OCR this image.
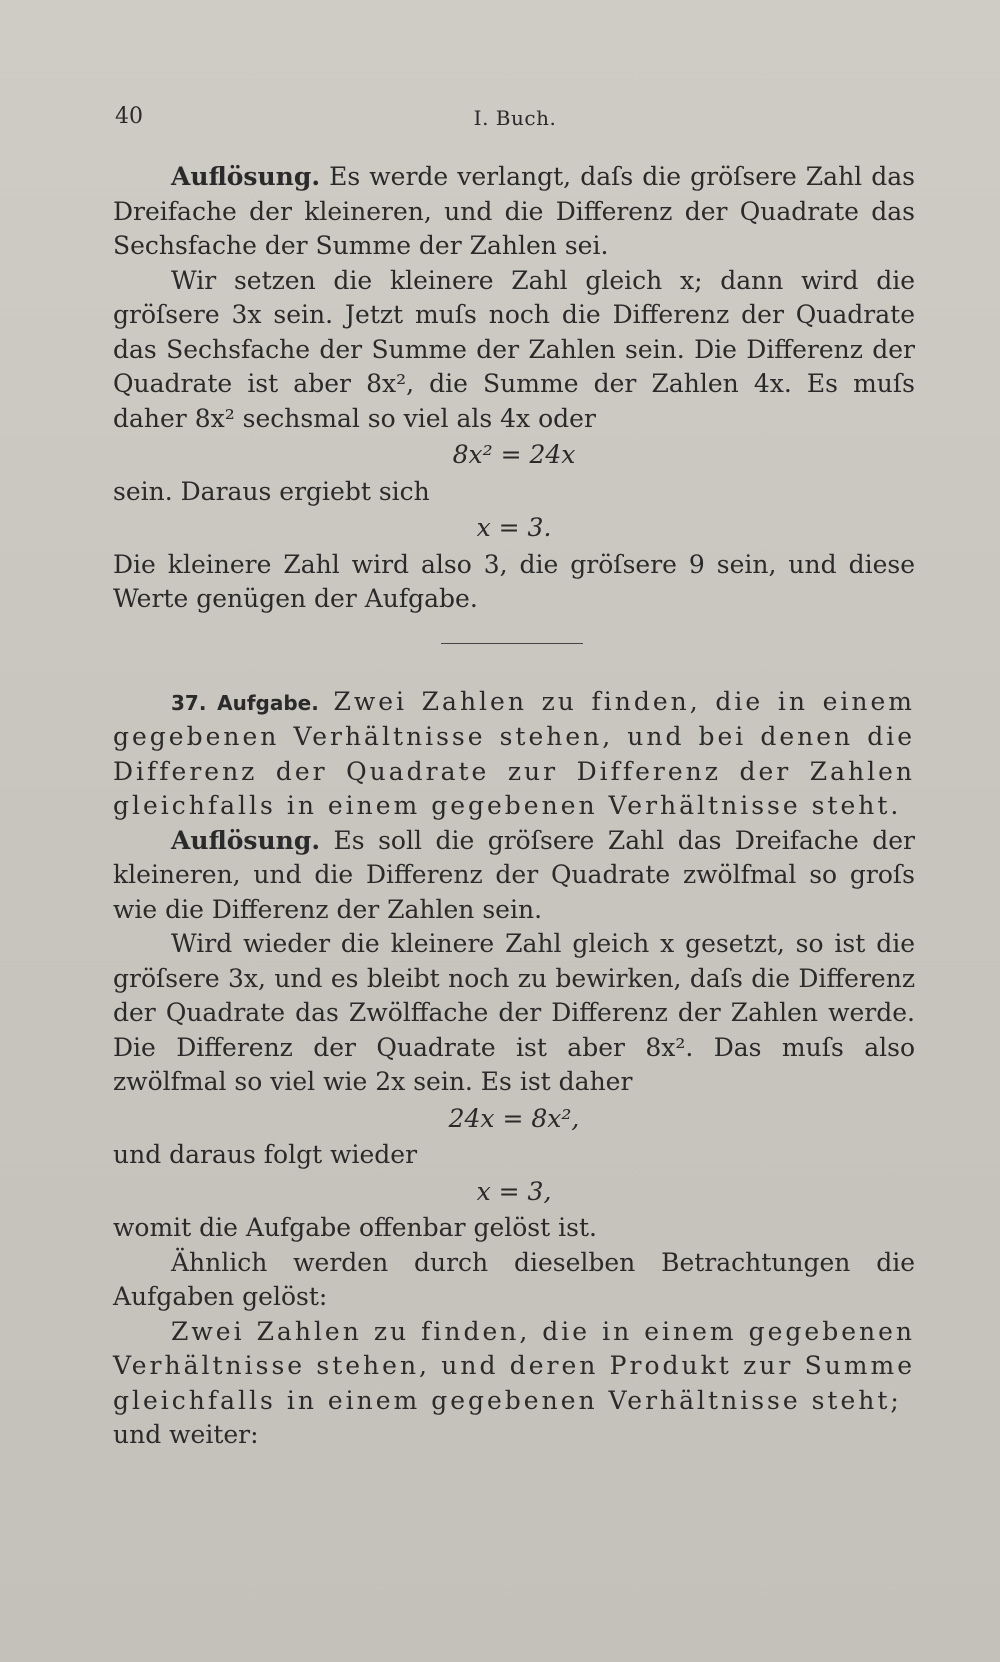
40	I. Buch.

Auflösung. Es werde verlangt, daſs die gröſsere Zahl das Dreifache der kleineren, und die Differenz der Quadrate das Sechsfache der Summe der Zahlen sei.

Wir setzen die kleinere Zahl gleich x; dann wird die gröſsere 3x sein. Jetzt muſs noch die Differenz der Quadrate das Sechsfache der Summe der Zahlen sein. Die Differenz der Quadrate ist aber 8x², die Summe der Zahlen 4x. Es muſs daher 8x² sechsmal so viel als 4x oder

8x² = 24x

sein. Daraus ergiebt sich

x = 3.

Die kleinere Zahl wird also 3, die gröſsere 9 sein, und diese Werte genügen der Aufgabe.

37. Aufgabe. Zwei Zahlen zu finden, die in einem gegebenen Verhältnisse stehen, und bei denen die Differenz der Quadrate zur Differenz der Zahlen gleichfalls in einem gegebenen Verhältnisse steht.

Auflösung. Es soll die gröſsere Zahl das Dreifache der kleineren, und die Differenz der Quadrate zwölfmal so groſs wie die Differenz der Zahlen sein.

Wird wieder die kleinere Zahl gleich x gesetzt, so ist die gröſsere 3x, und es bleibt noch zu bewirken, daſs die Differenz der Quadrate das Zwölffache der Differenz der Zahlen werde. Die Differenz der Quadrate ist aber 8x². Das muſs also zwölfmal so viel wie 2x sein. Es ist daher

24x = 8x²,

und daraus folgt wieder

x = 3,

womit die Aufgabe offenbar gelöst ist.

Ähnlich werden durch dieselben Betrachtungen die Aufgaben gelöst:

Zwei Zahlen zu finden, die in einem gegebenen Verhältnisse stehen, und deren Produkt zur Summe gleichfalls in einem gegebenen Verhältnisse steht;

und weiter:
